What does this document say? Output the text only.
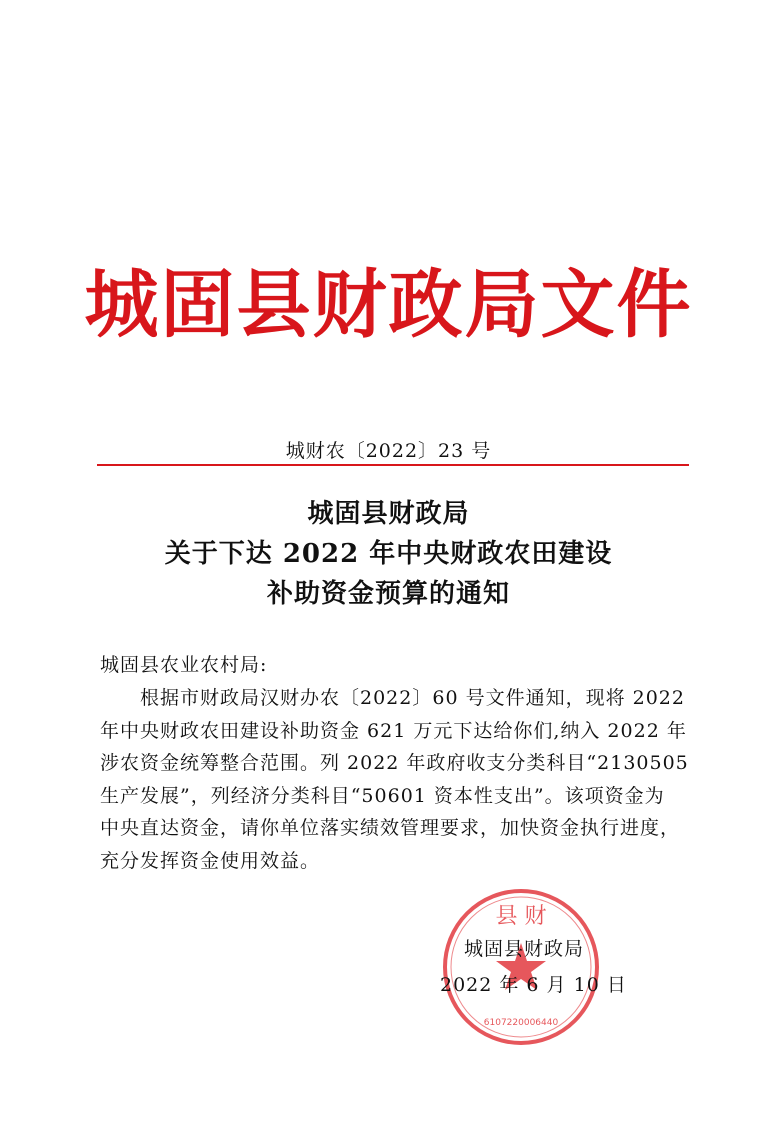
城固县财政局文件
城财农〔2022〕23 号
城固县财政局
关于下达 2022 年中央财政农田建设
补助资金预算的通知
城固县农业农村局:
根据市财政局汉财办农〔2022〕60 号文件通知，现将 2022
年中央财政农田建设补助资金 621 万元下达给你们,纳入 2022 年
涉农资金统筹整合范围。列 2022 年政府收支分类科目“2130505
生产发展”，列经济分类科目“50601 资本性支出”。该项资金为
中央直达资金，请你单位落实绩效管理要求，加快资金执行进度，
充分发挥资金使用效益。
县 财
6107220006440
城固县财政局
2022 年 6 月 10 日
